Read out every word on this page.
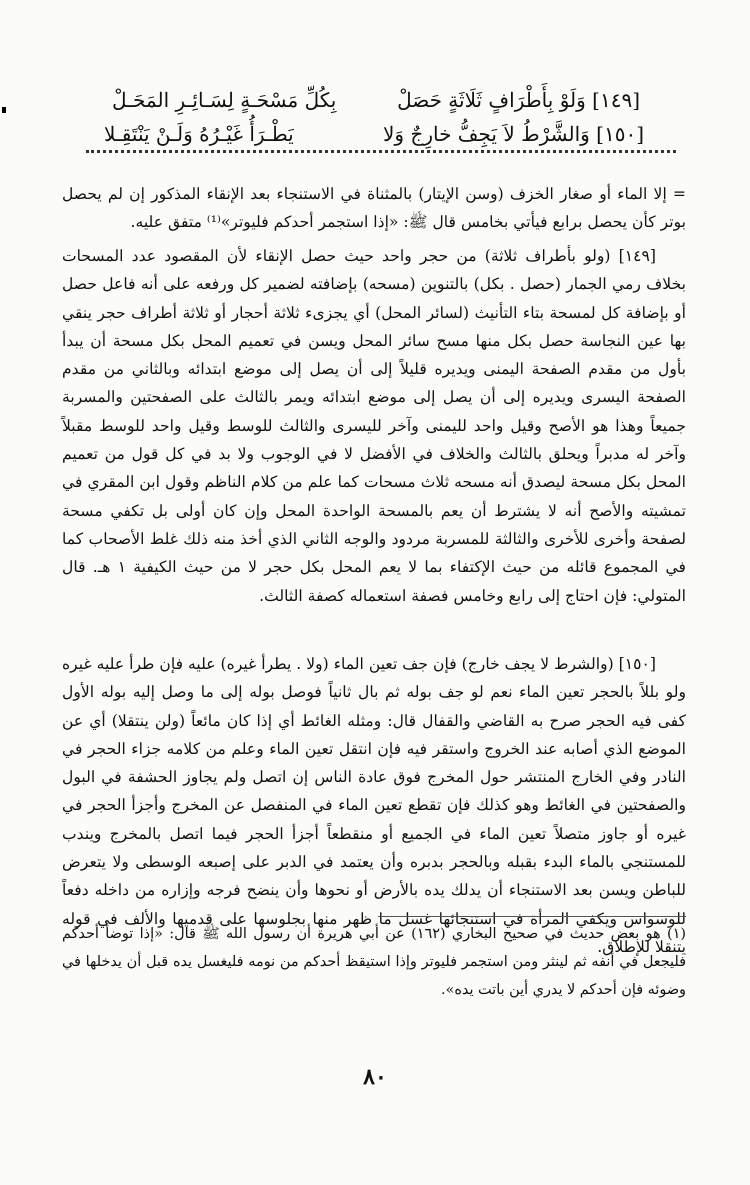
[١٤٩] وَلَوْ بِأَطْرَافٍ ثَلَاثَةٍ حَصَلْ
بِكُلِّ مَسْحَـةٍ لِسَـائِـرِ المَحَـلْ
[١٥٠] وَالشَّرْطُ لاَ يَجِفُّ خارِجٌ وَلا
يَطْـرَأُ غَيْـرُهُ وَلَـنْ يَنْتَقِـلا

= إلا الماء أو صغار الخزف (وسن الإيتار) بالمثناة في الاستنجاء بعد الإنقاء المذكور إن لم يحصل بوتر كأن يحصل برابع فيأتي بخامس قال ﷺ: «إذا استجمر أحدكم فليوتر»⁽¹⁾ متفق عليه.

[١٤٩] (ولو بأطراف ثلاثة) من حجر واحد حيث حصل الإنقاء لأن المقصود عدد المسحات بخلاف رمي الجمار (حصل . بكل) بالتنوين (مسحه) بإضافته لضمير كل ورفعه على أنه فاعل حصل أو بإضافة كل لمسحة بتاء التأنيث (لسائر المحل) أي يجزىء ثلاثة أحجار أو ثلاثة أطراف حجر ينقي بها عين النجاسة حصل بكل منها مسح سائر المحل ويسن في تعميم المحل بكل مسحة أن يبدأ بأول من مقدم الصفحة اليمنى ويديره قليلاً إلى أن يصل إلى موضع ابتدائه وبالثاني من مقدم الصفحة اليسرى ويديره إلى أن يصل إلى موضع ابتدائه ويمر بالثالث على الصفحتين والمسربة جميعاً وهذا هو الأصح وقيل واحد لليمنى وآخر لليسرى والثالث للوسط وقيل واحد للوسط مقبلاً وآخر له مدبراً ويحلق بالثالث والخلاف في الأفضل لا في الوجوب ولا بد في كل قول من تعميم المحل بكل مسحة ليصدق أنه مسحه ثلاث مسحات كما علم من كلام الناظم وقول ابن المقري في تمشيته والأصح أنه لا يشترط أن يعم بالمسحة الواحدة المحل وإن كان أولى بل تكفي مسحة لصفحة وأخرى للأخرى والثالثة للمسربة مردود والوجه الثاني الذي أخذ منه ذلك غلط الأصحاب كما في المجموع قائله من حيث الإكتفاء بما لا يعم المحل بكل حجر لا من حيث الكيفية ١ هـ. قال المتولي: فإن احتاج إلى رابع وخامس فصفة استعماله كصفة الثالث.

[١٥٠] (والشرط لا يجف خارج) فإن جف تعين الماء (ولا . يطرأ غيره) عليه فإن طرأ عليه غيره ولو بللاً بالحجر تعين الماء نعم لو جف بوله ثم بال ثانياً فوصل بوله إلى ما وصل إليه بوله الأول كفى فيه الحجر صرح به القاضي والقفال قال: ومثله الغائط أي إذا كان مائعاً (ولن ينتقلا) أي عن الموضع الذي أصابه عند الخروج واستقر فيه فإن انتقل تعين الماء وعلم من كلامه جزاء الحجر في النادر وفي الخارج المنتشر حول المخرج فوق عادة الناس إن اتصل ولم يجاوز الحشفة في البول والصفحتين في الغائط وهو كذلك فإن تقطع تعين الماء في المنفصل عن المخرج وأجزأ الحجر في غيره أو جاوز متصلاً تعين الماء في الجميع أو منقطعاً أجزأ الحجر فيما اتصل بالمخرج ويندب للمستنجي بالماء البدء بقبله وبالحجر بدبره وأن يعتمد في الدبر على إصبعه الوسطى ولا يتعرض للباطن ويسن بعد الاستنجاء أن يدلك يده بالأرض أو نحوها وأن ينضح فرجه وإزاره من داخله دفعاً للوسواس ويكفي المرأة في استنجائها غسل ما ظهر منها بجلوسها على قدميها والألف في قوله يتنقلا للإطلاق.

(١) هو بعض حديث في صحيح البخاري (١٦٢) عن أبي هريرة أن رسول الله ﷺ قال: «إذا توضأ أحدكم فليجعل في أنفه ثم لينثر ومن استجمر فليوتر وإذا استيقظ أحدكم من نومه فليغسل يده قبل أن يدخلها في وضوئه فإن أحدكم لا يدري أين باتت يده».

٨٠
